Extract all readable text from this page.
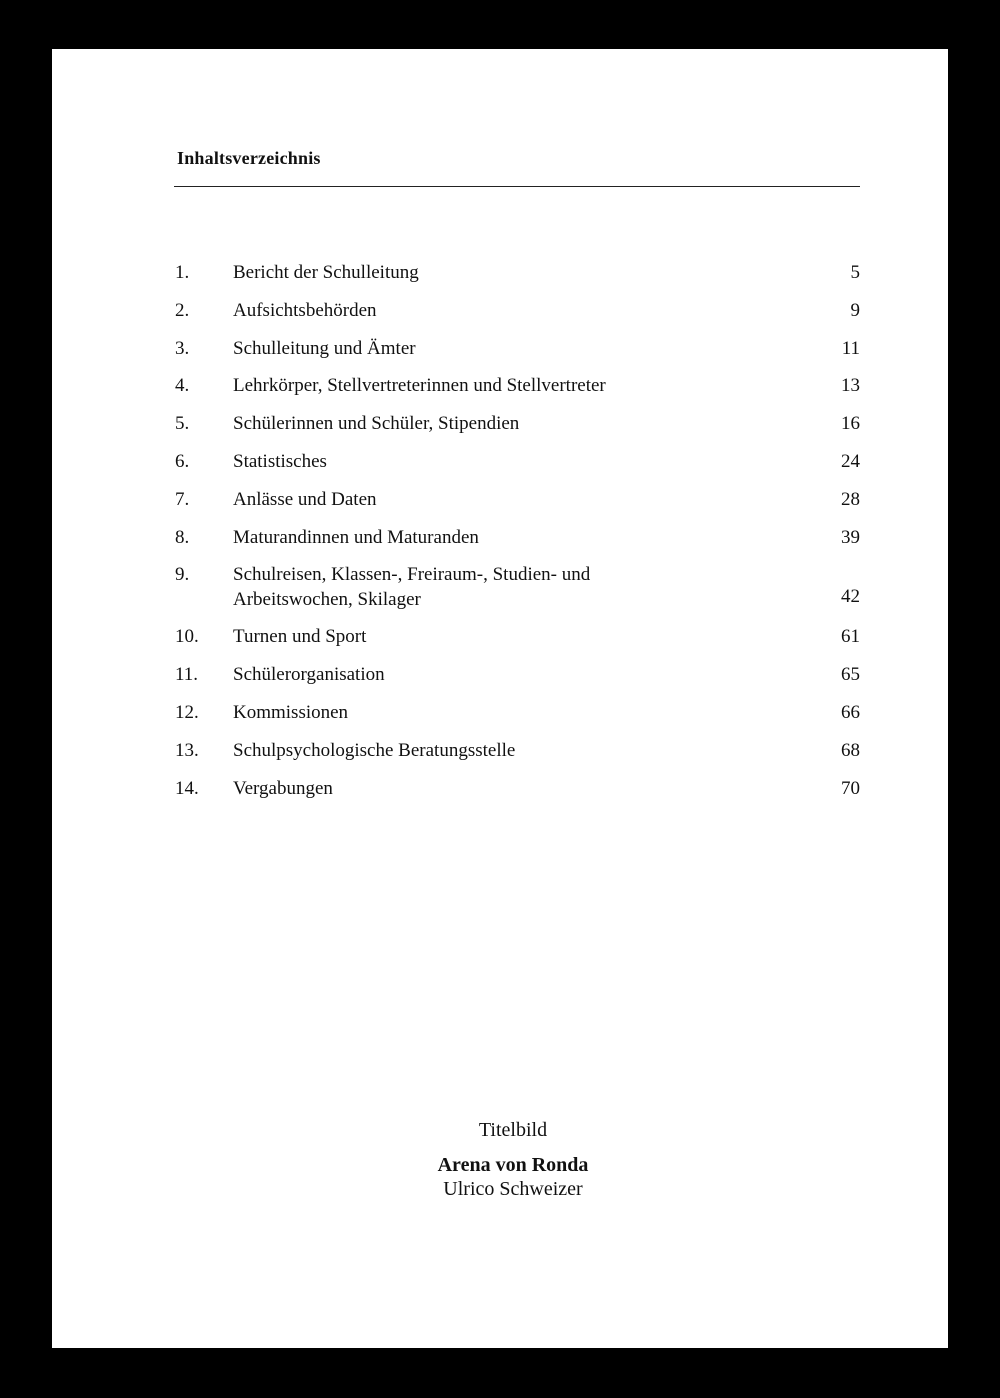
Inhaltsverzeichnis
1.	Bericht der Schulleitung	5
2.	Aufsichtsbehörden	9
3.	Schulleitung und Ämter	11
4.	Lehrkörper, Stellvertreterinnen und Stellvertreter	13
5.	Schülerinnen und Schüler, Stipendien	16
6.	Statistisches	24
7.	Anlässe und Daten	28
8.	Maturandinnen und Maturanden	39
9.	Schulreisen, Klassen-, Freiraum-, Studien- und
Arbeitswochen, Skilager	42
10.	Turnen und Sport	61
11.	Schülerorganisation	65
12.	Kommissionen	66
13.	Schulpsychologische Beratungsstelle	68
14.	Vergabungen	70
Titelbild
Arena von Ronda
Ulrico Schweizer
